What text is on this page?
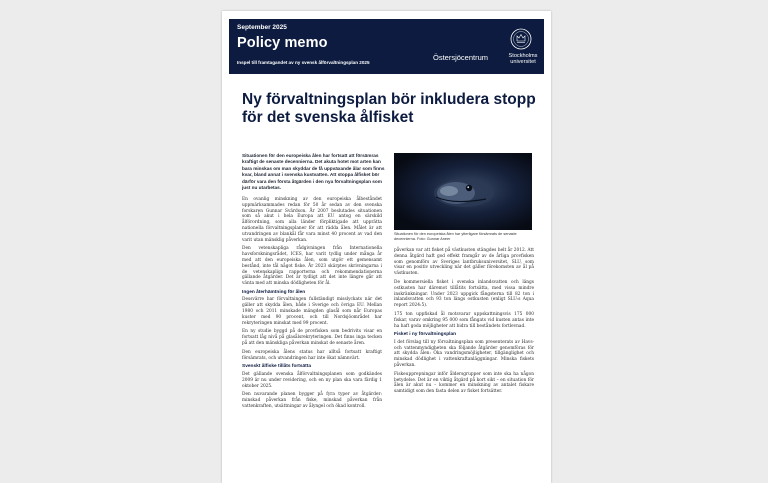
September 2025
Policy memo
Inspel till framtagandet av ny svensk ålförvaltningsplan 2025
Östersjöcentrum	Stockholms
universitet
Ny förvaltningsplan bör inkludera stopp för det svenska ålfisket
Situationen för den europeiska ålen har fortsatt att försämras kraftigt de senaste decennierna. Det akuta hotet mot arten kan bara minskas om man skyddar de få uppväxande ålar som finns kvar, bland annat i svenska kustvatten. Att stoppa ålfisket bör därför vara den första åtgärden i den nya förvaltningsplan som just nu utarbetas.
Situationen för den europeiska ålen har ytterligare försämrats de senaste decennierna. Foto: Gunnar Aneer

En ovanlig minskning av den europeiska ålbeståndet uppmärksammades redan för 50 år sedan av den svenska forskaren Gunnar Svärdson. År 2007 beslutades situationen som så akut i hela Europa att EU antog en särskild ålförordning, som alla länder förpliktigade att upprätta nationella förvaltningsplaner för att rädda ålen. Målet är att utvandringen av blankål får vara minst 40 procent av vad den varit utan mänsklig påverkan.

Den vetenskapliga rådgivningen från Internationella havsforskningsrådet, ICES, har varit tydlig under många år med att den europeiska ålen, som utgör ett gemensamt bestånd, inte tål något fiske. År 2023 skärptes skrivningarna i de vetenskapliga rapporterna och rekommendationerna gällande åtgärder. Det är tydligt att det inte längre går att vänta med att minska dödligheten för ål.

Ingen återhämtning för ålen

Dessvärre har förvaltningen fullständigt misslyckats när det gäller att skydda ålen, både i Sverige och övriga EU. Mellan 1980 och 2011 minskade mängden glasål som når Europas kuster med 90 procent, och till Nordsjöområdet har rekryteringen minskat med 99 procent.

En ny studie byggd på de provfisken som bedrivits visar en fortsatt låg nivå på glasålsrekryteringen. Det finns inga tecken på att den mänskliga påverkan minskat de senaste åren.

Den europeiska ålens status har alltså fortsatt kraftigt försämrats, och utvandringen har inte ökat nämnvärt.

Svenskt ålfiske tillåts fortsätta

Det gällande svenska ålförvaltningsplanen som godkändes 2009 är nu under revidering, och en ny plan ska vara färdig 1 oktober 2025.

Den nuvarande planen bygger på fyra typer av åtgärder: minskad påverkan från fiske, minskad påverkan från vattenkraften, utsättningar av ålyngel och ökad kontroll.

påverkan var att fisket på västkusten stängdes helt år 2012. Att denna åtgärd haft god effekt framgår av de årliga provfisken som genomförs av Sveriges lantbruksuniversitet, SLU, som visar en positiv utveckling när det gäller förekomsten av ål på västkusten.

De kommersiella fisket i svenska inlandsvatten och längs ostkusten har däremot tillåtits fortsätta, med vissa mindre inskränkningar. Under 2023 uppgick fångsterna till 82 ton i inlandsvatten och 93 ton längs ostkusten (enligt SLU:s Aqua report 2024:5).

175 ton uppfiskad ål motsvarar uppskattningsvis 175 000 fiskar, varav omkring 95 000 som fångats vid kusten antas inte ha haft goda möjligheter att bidra till beståndets fortlevnad.

Fisket i ny förvaltningsplan

I det förslag till ny förvaltningsplan som presenterats av Havs- och vattenmyndigheten ska följande åtgärder genomföras för att skydda ålen: Öka vandringsmöjligheter, tillgänglighet och minskad dödlighet i vattenkraftanläggningar. Minska fiskets påverkan.

Fiskeupprepningar inför åldersgrupper som inte ska ha någon betydelse. Det är en viktig åtgärd på kort sikt – en situation för ålen är akut nu – kommer en minskning av antalet fiskare samtidigt som den fasta delen av fisket fortsätter.
